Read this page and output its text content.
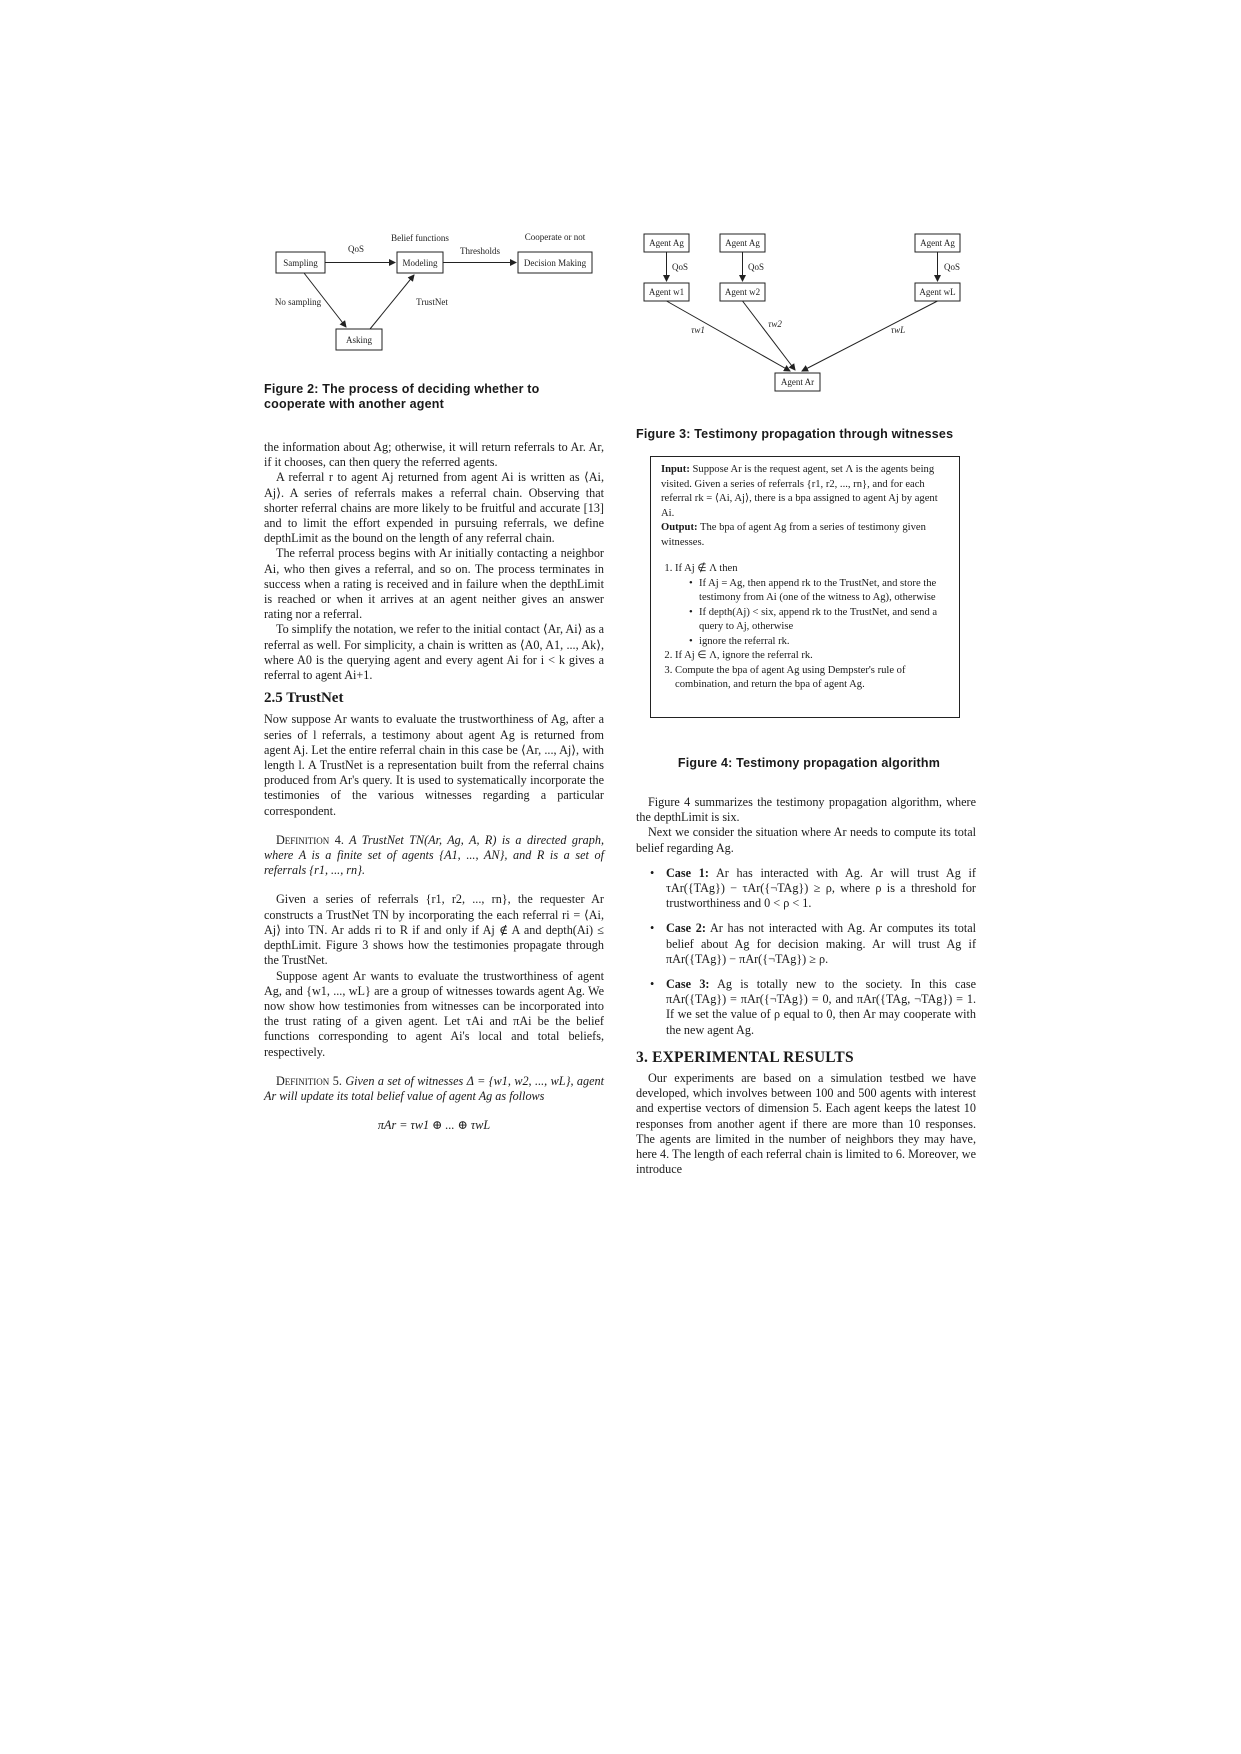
Sampling	Modeling	Decision Making
Asking
QoS
Belief functions
Thresholds
Cooperate or not
No sampling	TrustNet
Figure 2: The process of deciding whether to cooperate with another agent
Agent Ag	Agent Ag	Agent Ag
QoS	QoS	QoS
Agent w1	Agent w2	Agent wL
τw1
τw2
τwL
Agent Ar
Figure 3: Testimony propagation through witnesses
Input: Suppose Ar is the request agent, set Λ is the agents being visited. Given a series of referrals {r1, r2, ..., rn}, and for each referral rk = ⟨Ai, Aj⟩, there is a bpa assigned to agent Aj by agent Ai.
Output: The bpa of agent Ag from a series of testimony given witnesses.
1. If Aj ∉ Λ then
• If Aj = Ag, then append rk to the TrustNet, and store the testimony from Ai (one of the witness to Ag), otherwise
• If depth(Aj) < six, append rk to the TrustNet, and send a query to Aj, otherwise
• ignore the referral rk.
2. If Aj ∈ Λ, ignore the referral rk.
3. Compute the bpa of agent Ag using Dempster's rule of combination, and return the bpa of agent Ag.
Figure 4: Testimony propagation algorithm

the information about Ag; otherwise, it will return referrals to Ar. Ar, if it chooses, can then query the referred agents.

A referral r to agent Aj returned from agent Ai is written as ⟨Ai, Aj⟩. A series of referrals makes a referral chain. Observing that shorter referral chains are more likely to be fruitful and accurate [13] and to limit the effort expended in pursuing referrals, we define depthLimit as the bound on the length of any referral chain.

The referral process begins with Ar initially contacting a neighbor Ai, who then gives a referral, and so on. The process terminates in success when a rating is received and in failure when the depthLimit is reached or when it arrives at an agent neither gives an answer rating nor a referral.

To simplify the notation, we refer to the initial contact ⟨Ar, Ai⟩ as a referral as well. For simplicity, a chain is written as ⟨A0, A1, ..., Ak⟩, where A0 is the querying agent and every agent Ai for i < k gives a referral to agent Ai+1.

2.5 TrustNet

Now suppose Ar wants to evaluate the trustworthiness of Ag, after a series of l referrals, a testimony about agent Ag is returned from agent Aj. Let the entire referral chain in this case be ⟨Ar, ..., Aj⟩, with length l. A TrustNet is a representation built from the referral chains produced from Ar's query. It is used to systematically incorporate the testimonies of the various witnesses regarding a particular correspondent.

Definition 4. A TrustNet TN(Ar, Ag, A, R) is a directed graph, where A is a finite set of agents {A1, ..., AN}, and R is a set of referrals {r1, ..., rn}.

Given a series of referrals {r1, r2, ..., rn}, the requester Ar constructs a TrustNet TN by incorporating the each referral ri = ⟨Ai, Aj⟩ into TN. Ar adds ri to R if and only if Aj ∉ A and depth(Ai) ≤ depthLimit. Figure 3 shows how the testimonies propagate through the TrustNet.

Suppose agent Ar wants to evaluate the trustworthiness of agent Ag, and {w1, ..., wL} are a group of witnesses towards agent Ag. We now show how testimonies from witnesses can be incorporated into the trust rating of a given agent. Let τAi and πAi be the belief functions corresponding to agent Ai's local and total beliefs, respectively.

Definition 5. Given a set of witnesses Δ = {w1, w2, ..., wL}, agent Ar will update its total belief value of agent Ag as follows
πAr = τw1 ⊕ ... ⊕ τwL

Figure 4 summarizes the testimony propagation algorithm, where the depthLimit is six.

Next we consider the situation where Ar needs to compute its total belief regarding Ag.

• Case 1: Ar has interacted with Ag. Ar will trust Ag if τAr({TAg}) − τAr({¬TAg}) ≥ ρ, where ρ is a threshold for trustworthiness and 0 < ρ < 1.
• Case 2: Ar has not interacted with Ag. Ar computes its total belief about Ag for decision making. Ar will trust Ag if πAr({TAg}) − πAr({¬TAg}) ≥ ρ.
• Case 3: Ag is totally new to the society. In this case πAr({TAg}) = πAr({¬TAg}) = 0, and πAr({TAg, ¬TAg}) = 1. If we set the value of ρ equal to 0, then Ar may cooperate with the new agent Ag.
3. EXPERIMENTAL RESULTS

Our experiments are based on a simulation testbed we have developed, which involves between 100 and 500 agents with interest and expertise vectors of dimension 5. Each agent keeps the latest 10 responses from another agent if there are more than 10 responses. The agents are limited in the number of neighbors they may have, here 4. The length of each referral chain is limited to 6. Moreover, we introduce
